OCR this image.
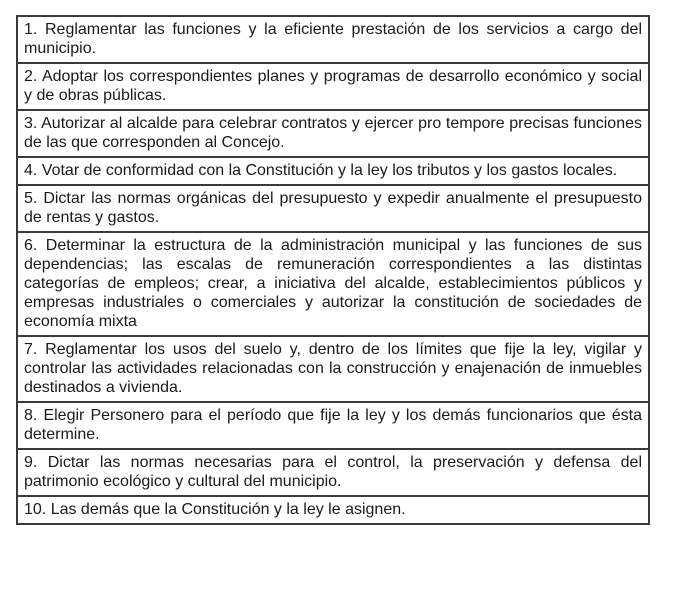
1. Reglamentar las funciones y la eficiente prestación de los servicios a cargo del municipio.
2. Adoptar los correspondientes planes y programas de desarrollo económico y social y de obras públicas.
3. Autorizar al alcalde para celebrar contratos y ejercer pro tempore precisas funciones de las que corresponden al Concejo.
4. Votar de conformidad con la Constitución y la ley los tributos y los gastos locales.
5. Dictar las normas orgánicas del presupuesto y expedir anualmente el presupuesto de rentas y gastos.
6. Determinar la estructura de la administración municipal y las funciones de sus dependencias; las escalas de remuneración correspondientes a las distintas categorías de empleos; crear, a iniciativa del alcalde, establecimientos públicos y empresas industriales o comerciales y autorizar la constitución de sociedades de economía mixta
7. Reglamentar los usos del suelo y, dentro de los límites que fije la ley, vigilar y controlar las actividades relacionadas con la construcción y enajenación de inmuebles destinados a vivienda.
8. Elegir Personero para el período que fije la ley y los demás funcionarios que ésta determine.
9. Dictar las normas necesarias para el control, la preservación y defensa del patrimonio ecológico y cultural del municipio.
10. Las demás que la Constitución y la ley le asignen.
